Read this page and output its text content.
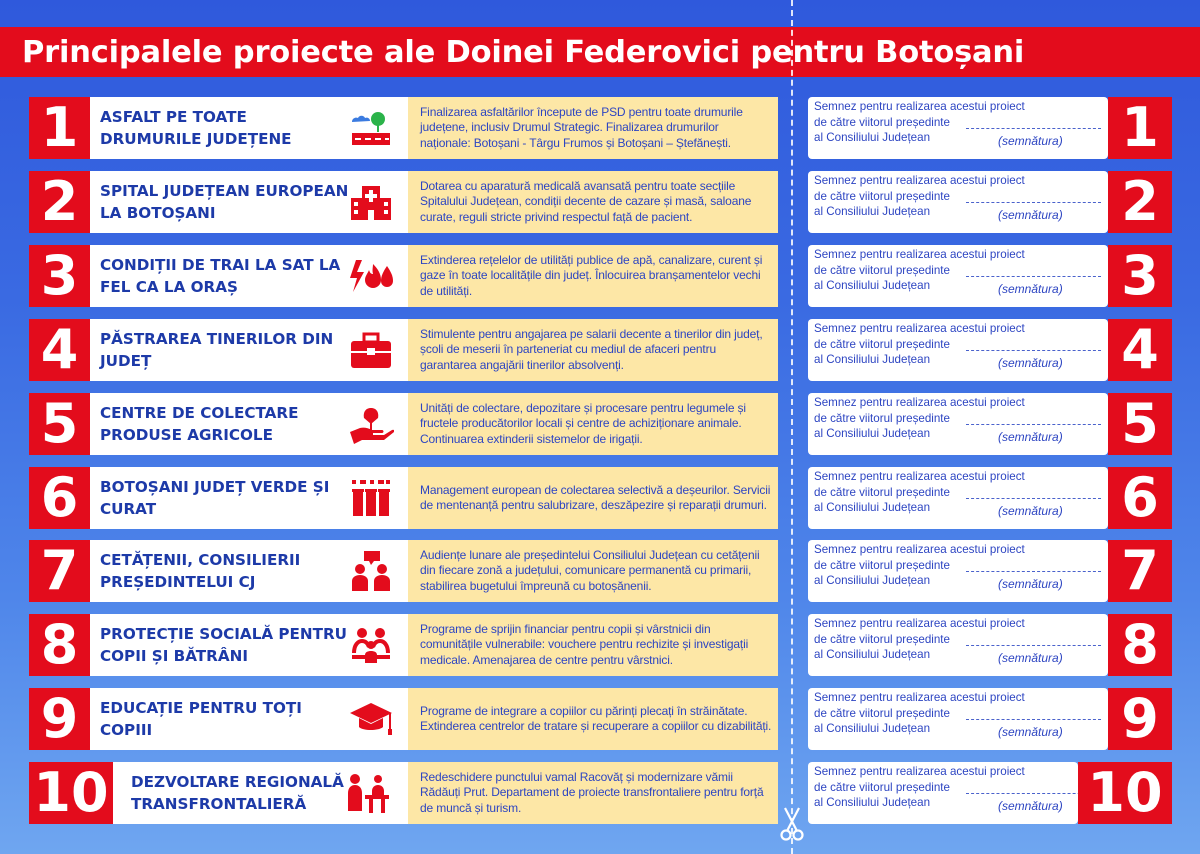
Principalele proiecte ale Doinei Federovici pentru Botoșani
1	ASFALT PE TOATE DRUMURILE JUDEȚENE
Finalizarea asfaltărilor începute de PSD pentru toate drumurile județene, inclusiv Drumul Strategic. Finalizarea drumurilor naționale: Botoșani - Târgu Frumos și Botoșani – Ștefănești.
Semnez pentru realizarea acestui proiect
de către viitorul președinte
al Consiliului Județean	(semnătura) 1
2	SPITAL JUDEȚEAN EUROPEAN LA BOTOȘANI
Dotarea cu aparatură medicală avansată pentru toate secțiile Spitalului Județean, condiții decente de cazare și masă, saloane curate, reguli stricte privind respectul față de pacient.
Semnez pentru realizarea acestui proiect
de către viitorul președinte
al Consiliului Județean	(semnătura) 2
3	CONDIȚII DE TRAI LA SAT LA FEL CA LA ORAȘ
Extinderea rețelelor de utilități publice de apă, canalizare, curent și gaze în toate localitățile din județ. Înlocuirea branșamentelor vechi de utilități.
Semnez pentru realizarea acestui proiect
de către viitorul președinte
al Consiliului Județean	(semnătura) 3
4	PĂSTRAREA TINERILOR DIN JUDEȚ
Stimulente pentru angajarea pe salarii decente a tinerilor din județ, școli de meserii în parteneriat cu mediul de afaceri pentru garantarea angajării tinerilor absolvenți.
Semnez pentru realizarea acestui proiect
de către viitorul președinte
al Consiliului Județean	(semnătura) 4
5	CENTRE DE COLECTARE PRODUSE AGRICOLE
Unități de colectare, depozitare și procesare pentru legumele și fructele producătorilor locali și centre de achiziționare animale. Continuarea extinderii sistemelor de irigații.
Semnez pentru realizarea acestui proiect
de către viitorul președinte
al Consiliului Județean	(semnătura) 5
6	BOTOȘANI JUDEȚ VERDE ȘI CURAT
Management european de colectarea selectivă a deșeurilor. Servicii de mentenanță pentru salubrizare, deszăpezire și reparații drumuri.
Semnez pentru realizarea acestui proiect
de către viitorul președinte
al Consiliului Județean	(semnătura) 6
7	CETĂȚENII, CONSILIERII PREȘEDINTELUI CJ
Audiențe lunare ale președintelui Consiliului Județean cu cetățenii din fiecare zonă a județului, comunicare permanentă cu primarii, stabilirea bugetului împreună cu botoșănenii.
Semnez pentru realizarea acestui proiect
de către viitorul președinte
al Consiliului Județean	(semnătura) 7
8	PROTECȚIE SOCIALĂ PENTRU COPII ȘI BĂTRÂNI
Programe de sprijin financiar pentru copii și vârstnicii din comunitățile vulnerabile: vouchere pentru rechizite și investigații medicale. Amenajarea de centre pentru vârstnici.
Semnez pentru realizarea acestui proiect
de către viitorul președinte
al Consiliului Județean	(semnătura) 8
9	EDUCAȚIE PENTRU TOȚI COPIII
Programe de integrare a copiilor cu părinți plecați în străinătate. Extinderea centrelor de tratare și recuperare a copiilor cu dizabilități.
Semnez pentru realizarea acestui proiect
de către viitorul președinte
al Consiliului Județean	(semnătura) 9
10 DEZVOLTARE REGIONALĂ TRANSFRONTALIERĂ
Redeschidere punctului vamal Racovăț și modernizare vămii Rădăuți Prut. Departament de proiecte transfrontaliere pentru forță de muncă și turism.
Semnez pentru realizarea acestui proiect
de către viitorul președinte
al Consiliului Județean	(semnătura) 10
